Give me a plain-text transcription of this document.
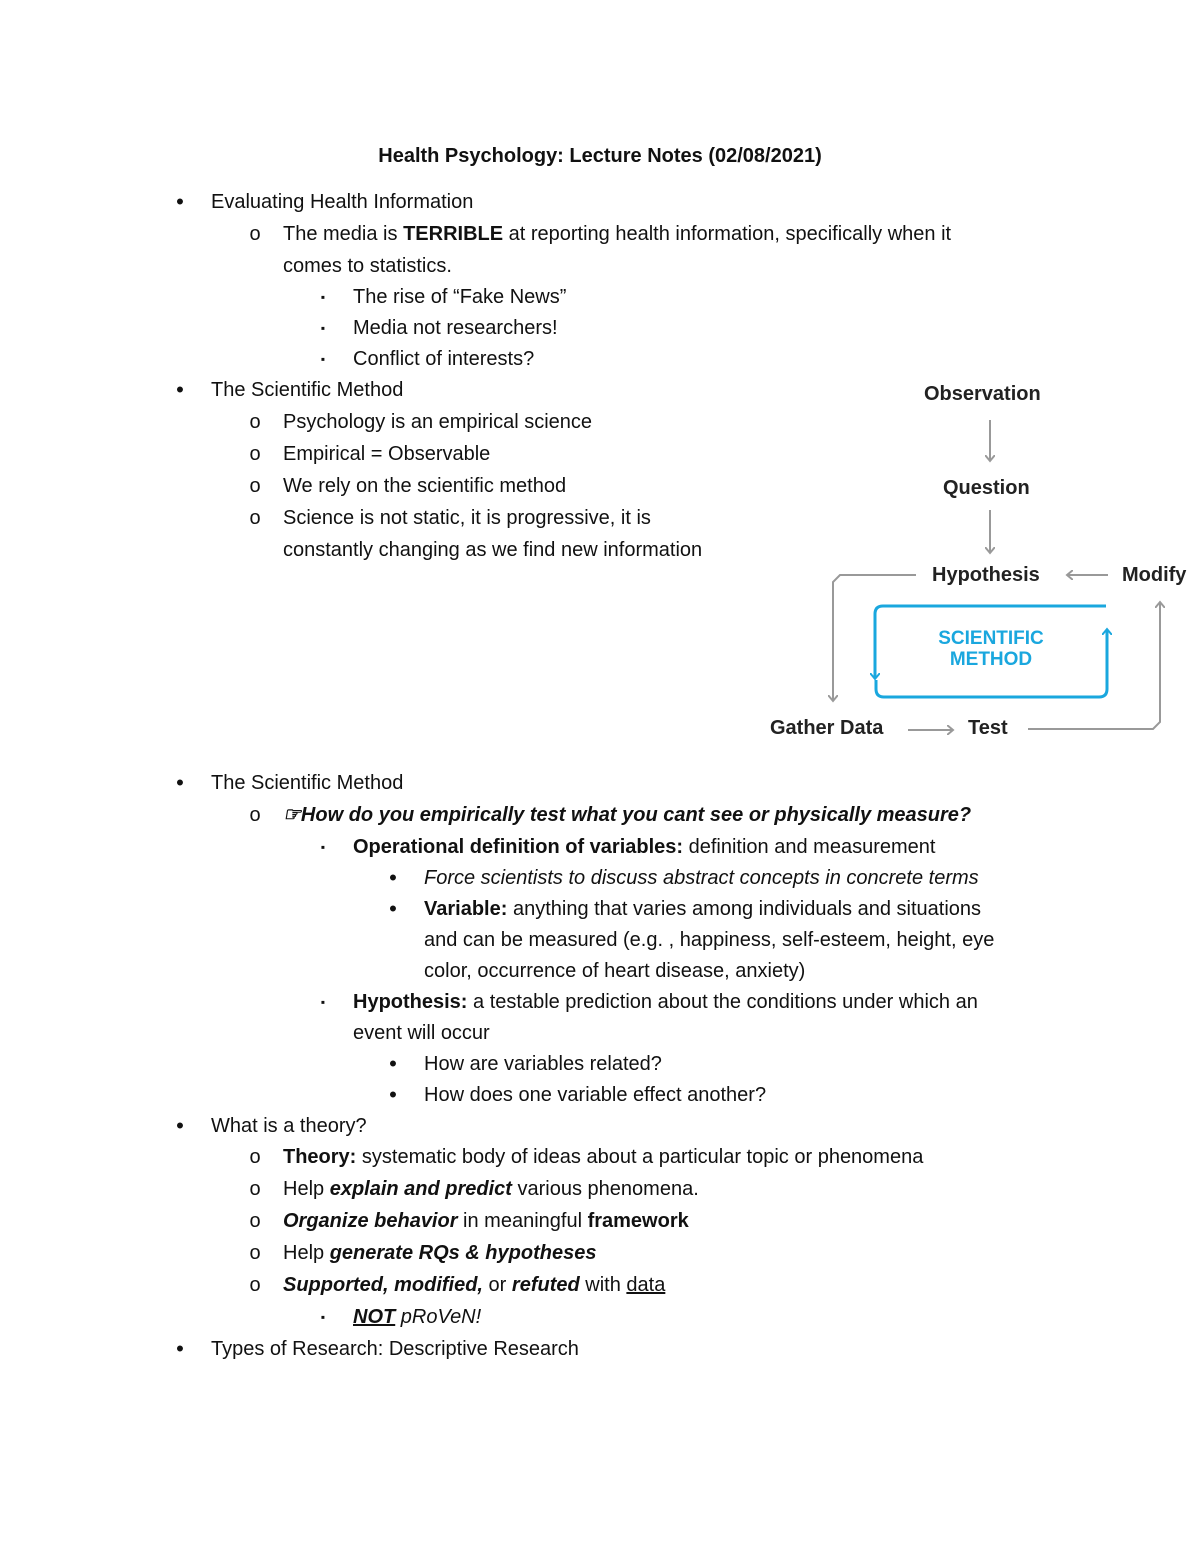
Health Psychology: Lecture Notes (02/08/2021)
•	Evaluating Health Information
o The media is TERRIBLE at reporting health information, specifically when it
comes to statistics.
▪	The rise of “Fake News”
▪	Media not researchers!
▪	Conflict of interests?
•	The Scientific Method
o Psychology is an empirical science
o Empirical = Observable
o We rely on the scientific method
o Science is not static, it is progressive, it is
constantly changing as we find new information
Observation
Question
Hypothesis	Modify
Gather Data	Test
SCIENTIFIC
METHOD
•	The Scientific Method
o ☞How do you empirically test what you cant see or physically measure?
▪	Operational definition of variables: definition and measurement
•	Force scientists to discuss abstract concepts in concrete terms
•	Variable: anything that varies among individuals and situations
and can be measured (e.g. , happiness, self-esteem, height, eye
color, occurrence of heart disease, anxiety)
▪	Hypothesis: a testable prediction about the conditions under which an
event will occur
•	How are variables related?
•	How does one variable effect another?
•	What is a theory?
o Theory: systematic body of ideas about a particular topic or phenomena
o Help explain and predict various phenomena.
o Organize behavior in meaningful framework
o Help generate RQs & hypotheses
o Supported, modified, or refuted with data
▪	NOT pRoVeN!
•	Types of Research: Descriptive Research
